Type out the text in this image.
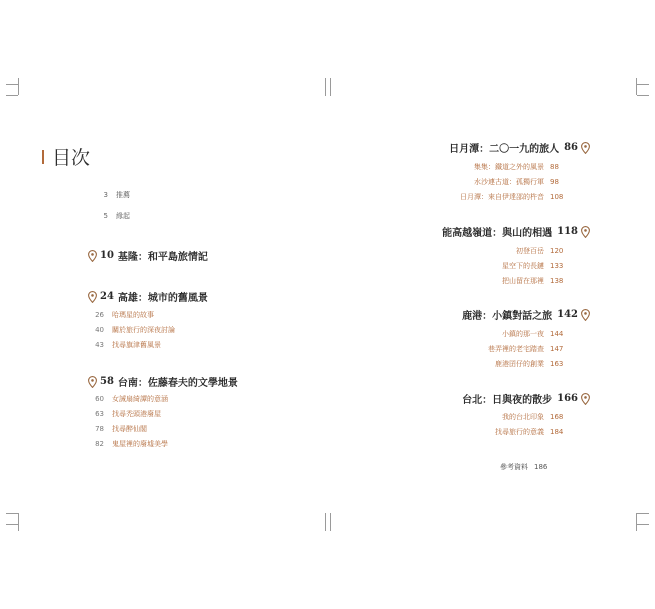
目次
3 推薦
5 緣起
10 基隆：和平島旅情記
24 高雄：城市的舊風景
26 哈瑪星的故事
40 關於旅行的深夜討論
43 找尋旗津舊風景
58 台南：佐藤春夫的文學地景
60 女誡扇綺譚的意涵
63 找尋禿頭港廢屋
78 找尋醉仙閣
82 鬼屋裡的廢墟美學
日月潭：二〇一九的旅人 86
集集：鐵道之外的風景 88
水沙連古道：孤獨行軍 98
日月潭：來自伊達邵的杵音 108
能高越嶺道：與山的相遇 118
初登百岳 120
星空下的長鏈 133
把山留在那裡 138
鹿港：小鎮對話之旅 142
小鎮的那一夜 144
巷弄裡的老宅踏查 147
鹿港囝仔的創業 163
台北：日與夜的散步 166
我的台北印象 168
找尋旅行的意義 184
參考資料 186
